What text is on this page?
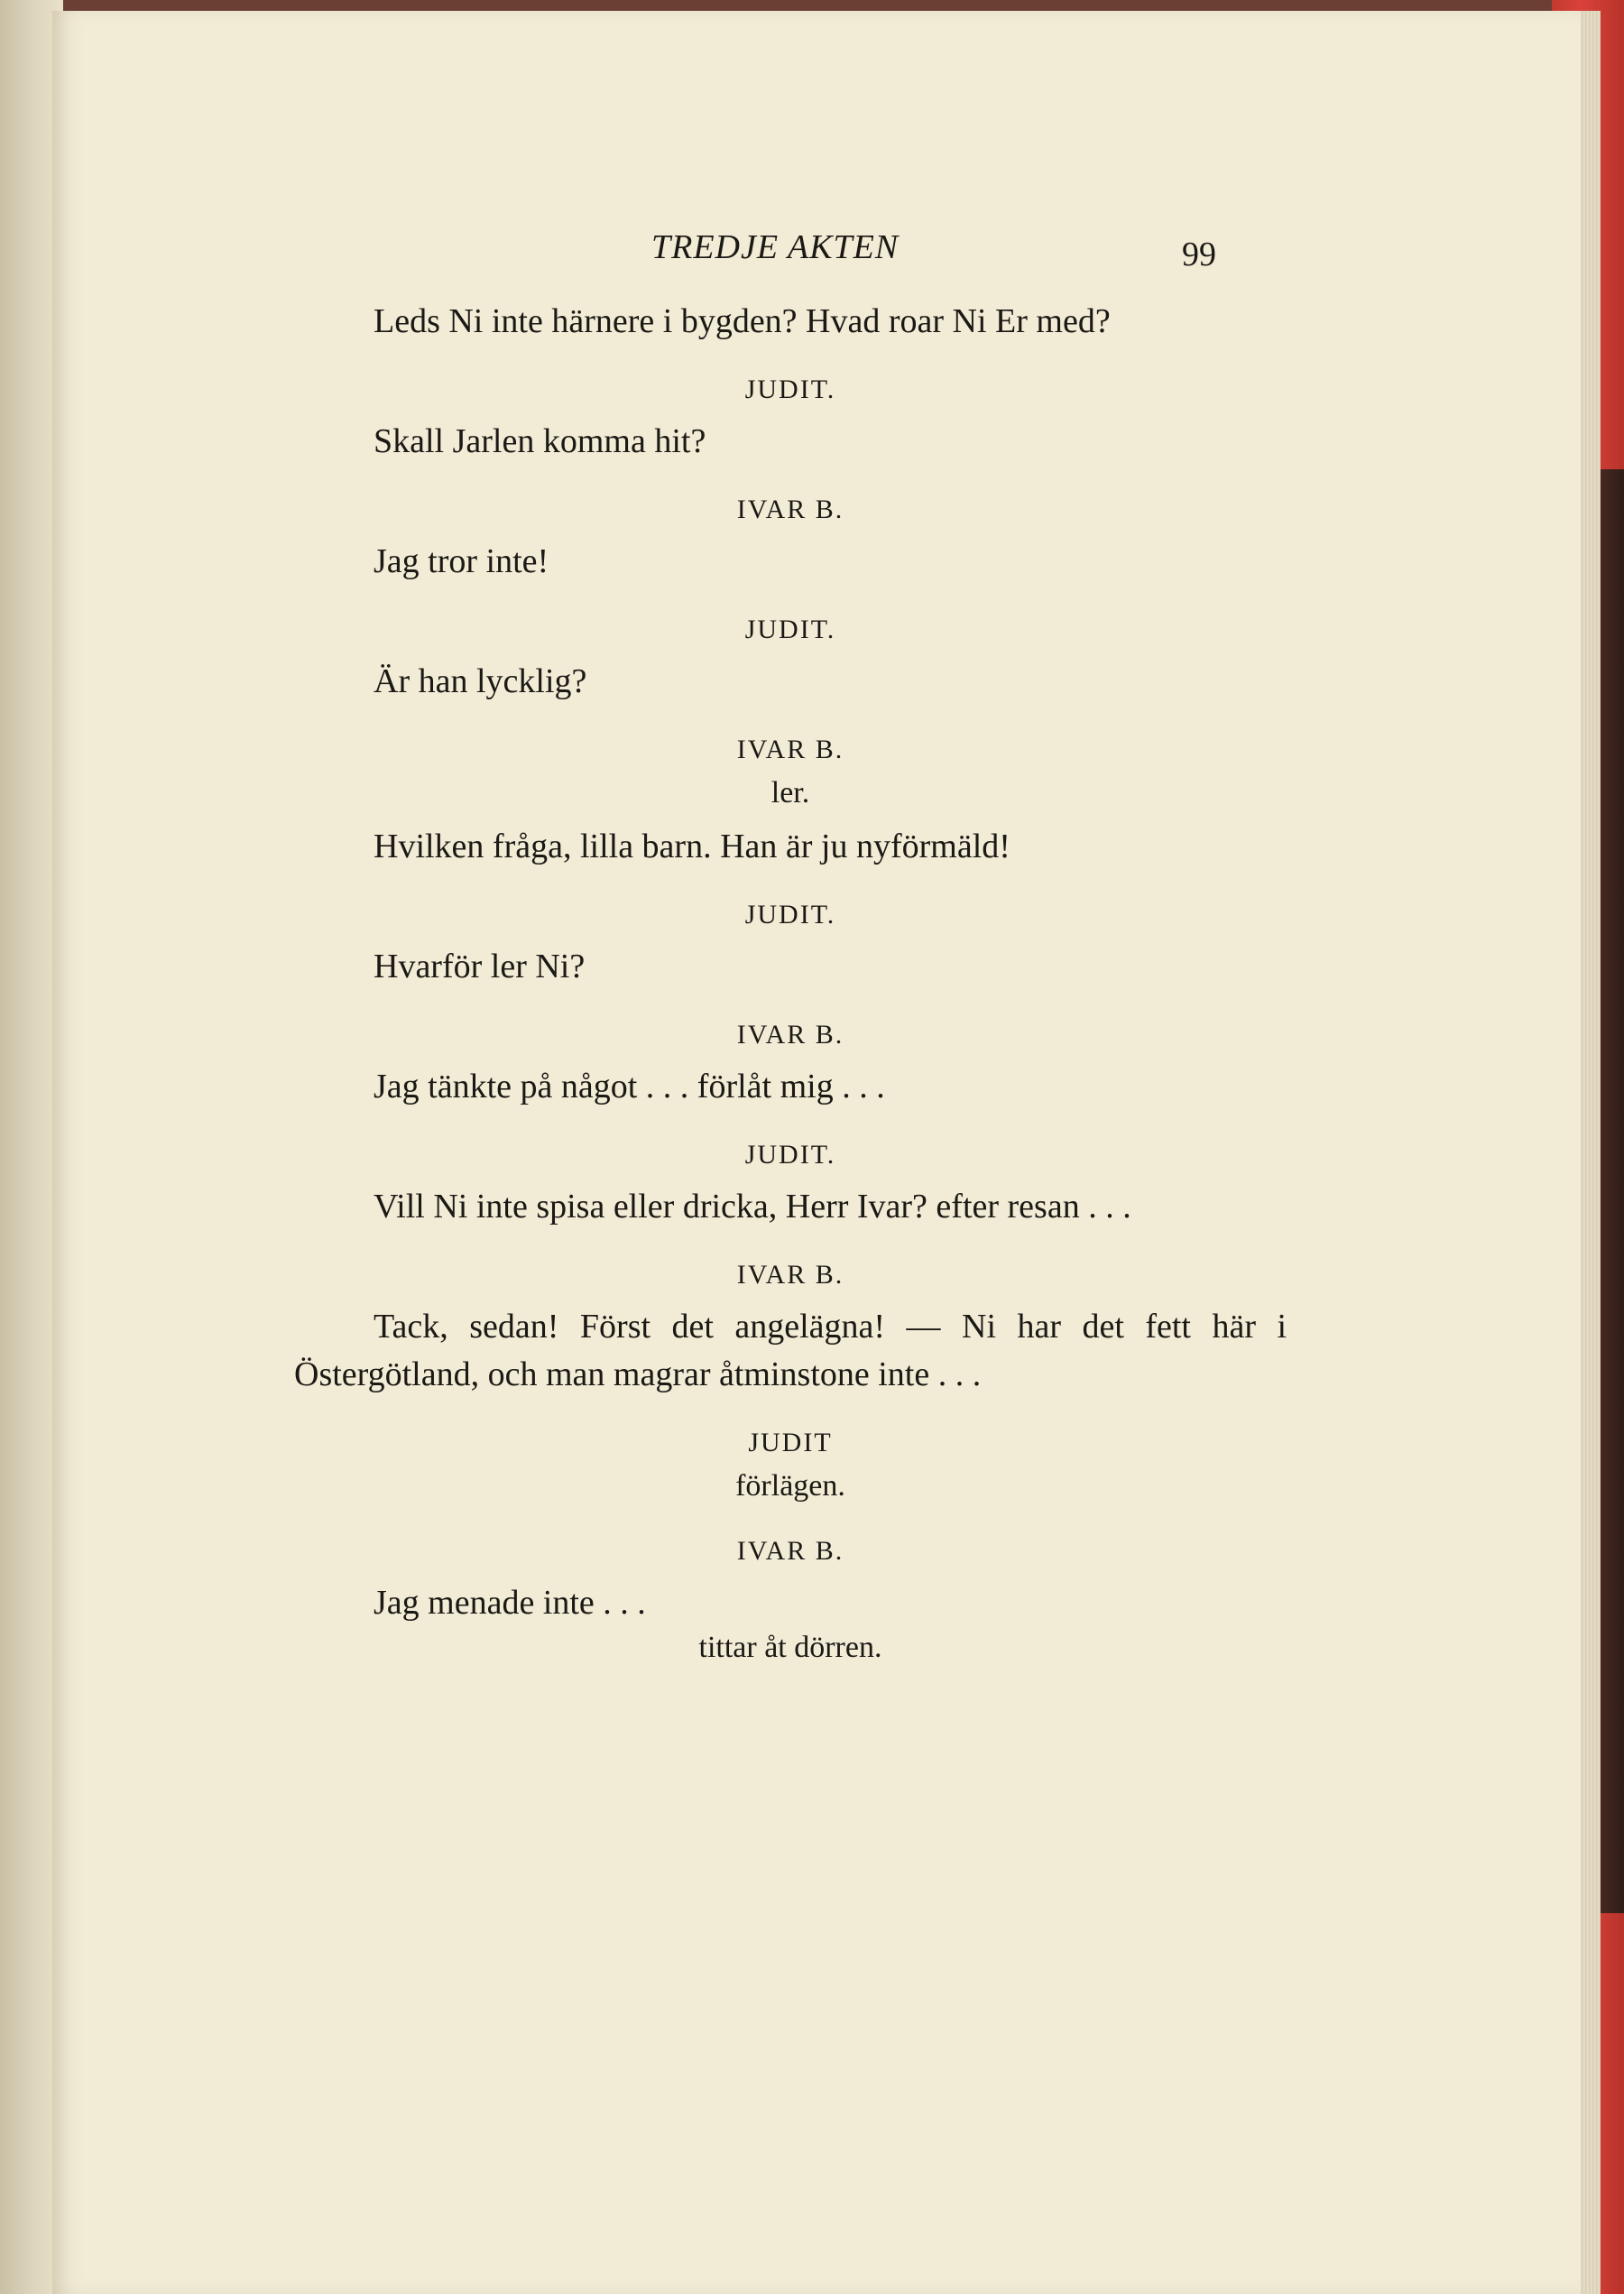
TREDJE AKTEN	99

Leds Ni inte härnere i bygden? Hvad roar Ni Er med?

JUDIT.

Skall Jarlen komma hit?

IVAR B.

Jag tror inte!

JUDIT.

Är han lycklig?

IVAR B.
ler.

Hvilken fråga, lilla barn. Han är ju nyförmäld!

JUDIT.

Hvarför ler Ni?

IVAR B.

Jag tänkte på något . . . förlåt mig . . .

JUDIT.

Vill Ni inte spisa eller dricka, Herr Ivar? efter resan . . .

IVAR B.

Tack, sedan! Först det angelägna! — Ni har det fett här i Östergötland, och man magrar åtminstone inte . . .

JUDIT
förlägen.
IVAR B.

Jag menade inte . . .

tittar åt dörren.
